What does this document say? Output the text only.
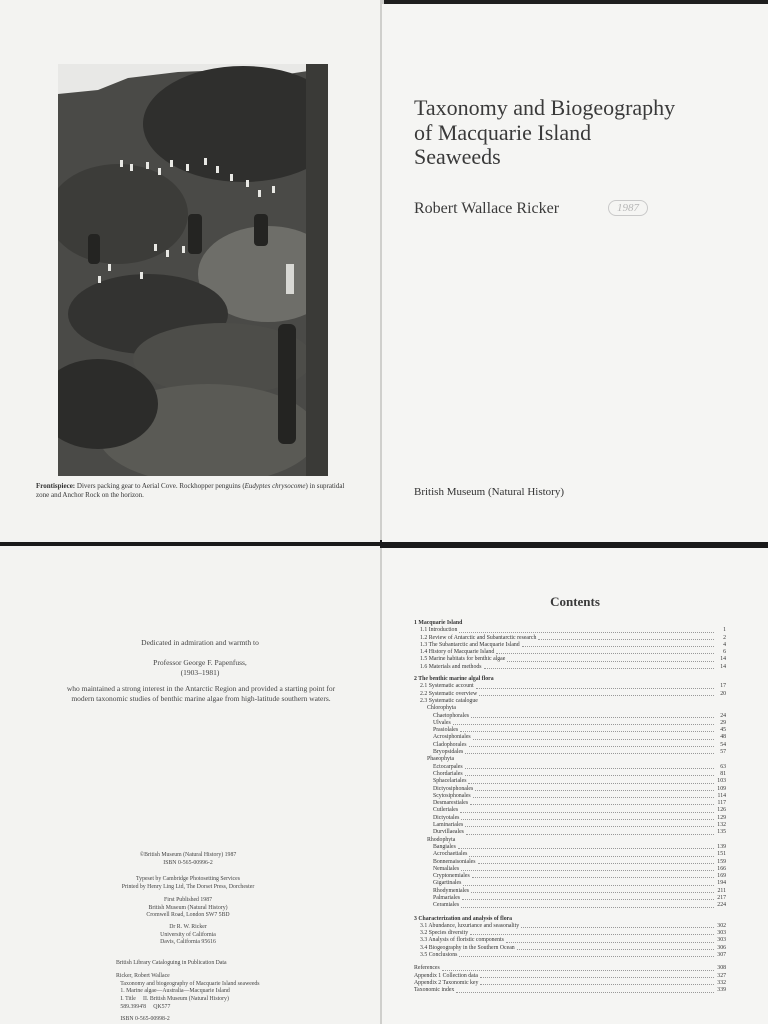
Frontispiece: Divers packing gear to Aerial Cove. Rockhopper penguins (Eudyptes chrysocome) in supratidal zone and Anchor Rock on the horizon.
Taxonomy and Biogeography
of Macquarie Island
Seaweeds
Robert Wallace Ricker	1987
British Museum (Natural History)
Dedicated in admiration and warmth to
Professor George F. Papenfuss,
(1903–1981)
who maintained a strong interest in the Antarctic Region and provided a starting point for modern taxonomic studies of benthic marine algae from high-latitude southern waters.
©British Museum (Natural History) 1987
ISBN 0-565-00996-2
Typeset by Cambridge Photosetting Services
Printed by Henry Ling Ltd, The Dorset Press, Dorchester
First Published 1987
British Museum (Natural History)
Cromwell Road, London SW7 5BD
Dr R. W. Ricker
University of California
Davis, California 95616
British Library Cataloguing in Publication Data
Ricker, Robert Wallace
Taxonomy and biogeography of Macquarie Island seaweeds
1. Marine algae—Australia—Macquarie Island
I. Title     II. British Museum (Natural History)
589.3994'8     QK577
ISBN 0-565-00998-2
Contents
1 Macquarie Island
1.1 Introduction	1
1.2 Review of Antarctic and Subantarctic research	2
1.3 The Subantarctic and Macquarie Island	4
1.4 History of Macquarie Island	6
1.5 Marine habitats for benthic algae	14
1.6 Materials and methods	14
2 The benthic marine algal flora
2.1 Systematic account	17
2.2 Systematic overview	20
2.3 Systematic catalogue
Chlorophyta
Chaetophorales	24
Ulvales	29
Prasiolales	45
Acrosiphoniales	48
Cladophorales	54
Bryopsidales	57
Phaeophyta
Ectocarpales	63
Chordariales	81
Sphacelariales	103
Dictyosiphonales	109
Scytosiphonales	114
Desmarestiales	117
Cutleriales	126
Dictyotales	129
Laminariales	132
Durvillaeales	135
Rhodophyta
Bangiales	139
Acrochaetiales	151
Bonnemaisoniales	159
Nemaliales	166
Cryptonemiales	169
Gigartinales	194
Rhodymeniales	211
Palmariales	217
Ceramiales	224
3 Characterization and analysis of flora
3.1 Abundance, luxuriance and seasonality	302
3.2 Species diversity	303
3.3 Analysis of floristic components	303
3.4 Biogeography in the Southern Ocean	306
3.5 Conclusions	307
References	308
Appendix 1 Collection data	327
Appendix 2 Taxonomic key	332
Taxonomic index	339
